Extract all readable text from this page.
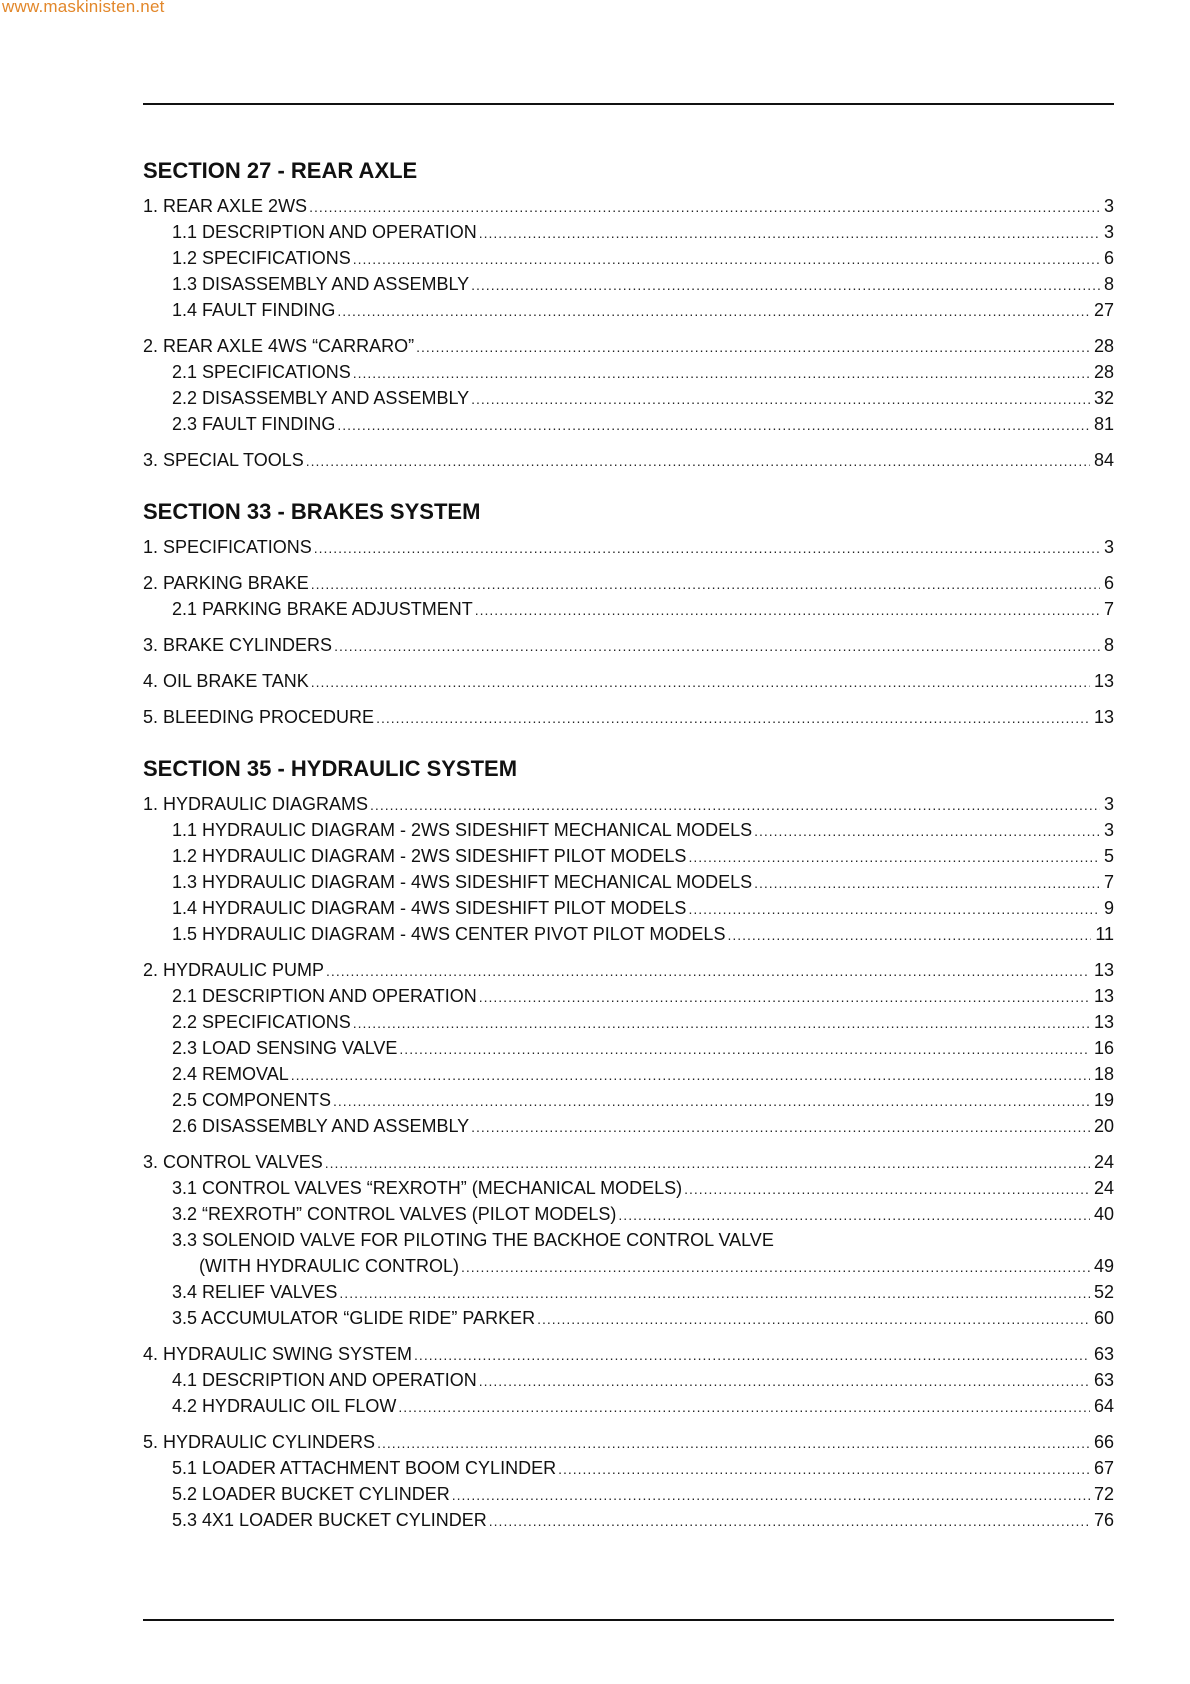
www.maskinisten.net
SECTION 27 - REAR AXLE
1. REAR AXLE 2WS .....	3
1.1 DESCRIPTION AND OPERATION .....	3
1.2 SPECIFICATIONS .....	6
1.3 DISASSEMBLY AND ASSEMBLY .....	8
1.4 FAULT FINDING .....	27
2. REAR AXLE 4WS “CARRARO” .....	28
2.1 SPECIFICATIONS .....	28
2.2 DISASSEMBLY AND ASSEMBLY .....	32
2.3 FAULT FINDING .....	81
3. SPECIAL TOOLS .....	84
SECTION 33 - BRAKES SYSTEM
1. SPECIFICATIONS .....	3
2. PARKING BRAKE .....	6
2.1 PARKING BRAKE ADJUSTMENT .....	7
3. BRAKE CYLINDERS .....	8
4. OIL BRAKE TANK .....	13
5. BLEEDING PROCEDURE .....	13
SECTION 35 - HYDRAULIC SYSTEM
1. HYDRAULIC DIAGRAMS .....	3
1.1 HYDRAULIC DIAGRAM - 2WS SIDESHIFT MECHANICAL MODELS .....	3
1.2 HYDRAULIC DIAGRAM - 2WS SIDESHIFT PILOT MODELS .....	5
1.3 HYDRAULIC DIAGRAM - 4WS SIDESHIFT MECHANICAL MODELS .....	7
1.4 HYDRAULIC DIAGRAM - 4WS SIDESHIFT PILOT MODELS .....	9
1.5 HYDRAULIC DIAGRAM - 4WS CENTER PIVOT PILOT MODELS .....	11
2. HYDRAULIC PUMP .....	13
2.1 DESCRIPTION AND OPERATION .....	13
2.2 SPECIFICATIONS .....	13
2.3 LOAD SENSING VALVE .....	16
2.4 REMOVAL .....	18
2.5 COMPONENTS .....	19
2.6 DISASSEMBLY AND ASSEMBLY .....	20
3. CONTROL VALVES .....	24
3.1 CONTROL VALVES “REXROTH” (MECHANICAL MODELS) .....	24
3.2 “REXROTH” CONTROL VALVES (PILOT MODELS) .....	40
3.3 SOLENOID VALVE FOR PILOTING THE BACKHOE CONTROL VALVE
(WITH HYDRAULIC CONTROL) .....	49
3.4 RELIEF VALVES .....	52
3.5 ACCUMULATOR “GLIDE RIDE” PARKER .....	60
4. HYDRAULIC SWING SYSTEM .....	63
4.1 DESCRIPTION AND OPERATION .....	63
4.2 HYDRAULIC OIL FLOW .....	64
5. HYDRAULIC CYLINDERS .....	66
5.1 LOADER ATTACHMENT BOOM CYLINDER .....	67
5.2 LOADER BUCKET CYLINDER .....	72
5.3 4X1 LOADER BUCKET CYLINDER .....	76
